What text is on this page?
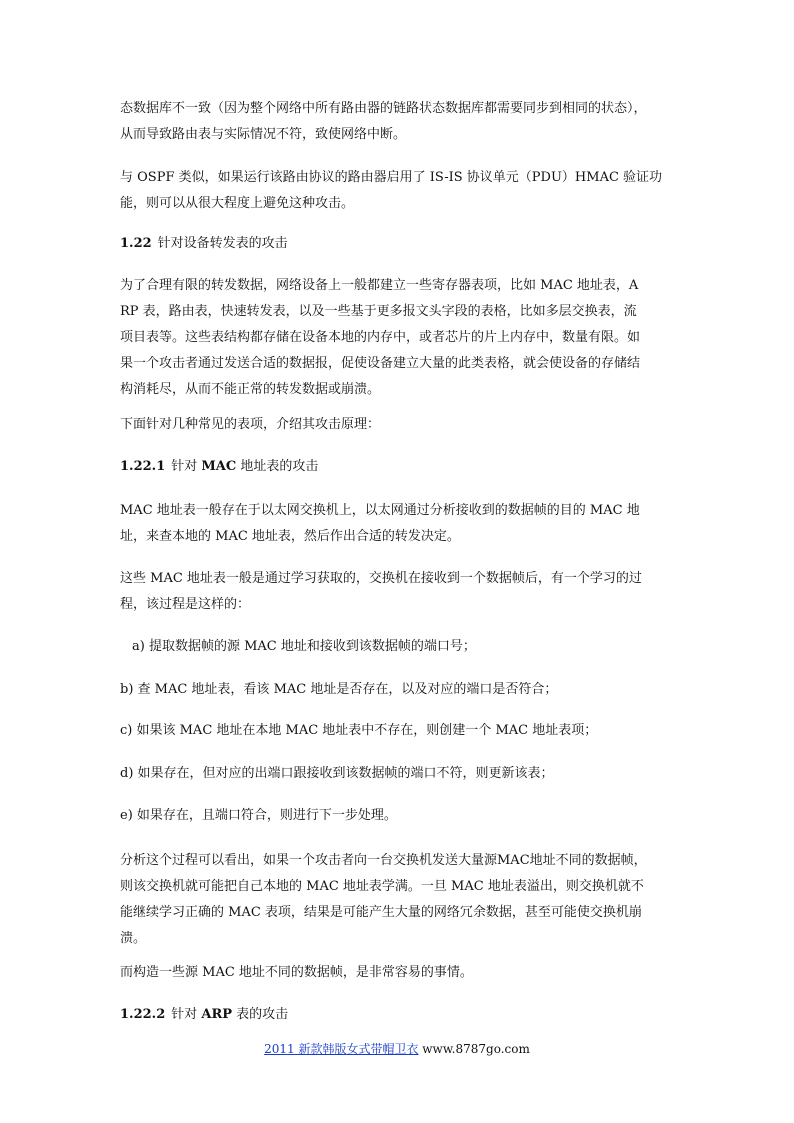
态数据库不一致（因为整个网络中所有路由器的链路状态数据库都需要同步到相同的状态），
从而导致路由表与实际情况不符，致使网络中断。
与 OSPF 类似，如果运行该路由协议的路由器启用了 IS-IS 协议单元（PDU）HMAC 验证功
能，则可以从很大程度上避免这种攻击。
1.22 针对设备转发表的攻击
为了合理有限的转发数据，网络设备上一般都建立一些寄存器表项，比如 MAC 地址表，A
RP 表，路由表，快速转发表，以及一些基于更多报文头字段的表格，比如多层交换表，流
项目表等。这些表结构都存储在设备本地的内存中，或者芯片的片上内存中，数量有限。如
果一个攻击者通过发送合适的数据报，促使设备建立大量的此类表格，就会使设备的存储结
构消耗尽，从而不能正常的转发数据或崩溃。
下面针对几种常见的表项，介绍其攻击原理：
1.22.1 针对 MAC 地址表的攻击
MAC 地址表一般存在于以太网交换机上，以太网通过分析接收到的数据帧的目的 MAC 地
址，来查本地的 MAC 地址表，然后作出合适的转发决定。
这些 MAC 地址表一般是通过学习获取的，交换机在接收到一个数据帧后，有一个学习的过
程，该过程是这样的：
a) 提取数据帧的源 MAC 地址和接收到该数据帧的端口号；
b) 查 MAC 地址表，看该 MAC 地址是否存在，以及对应的端口是否符合；
c) 如果该 MAC 地址在本地 MAC 地址表中不存在，则创建一个 MAC 地址表项；
d) 如果存在，但对应的出端口跟接收到该数据帧的端口不符，则更新该表；
e) 如果存在，且端口符合，则进行下一步处理。
分析这个过程可以看出，如果一个攻击者向一台交换机发送大量源MAC地址不同的数据帧，
则该交换机就可能把自己本地的 MAC 地址表学满。一旦 MAC 地址表溢出，则交换机就不
能继续学习正确的 MAC 表项，结果是可能产生大量的网络冗余数据，甚至可能使交换机崩
溃。
而构造一些源 MAC 地址不同的数据帧，是非常容易的事情。
1.22.2 针对 ARP 表的攻击
2011 新款韩版女式带帽卫衣 www.8787go.com
